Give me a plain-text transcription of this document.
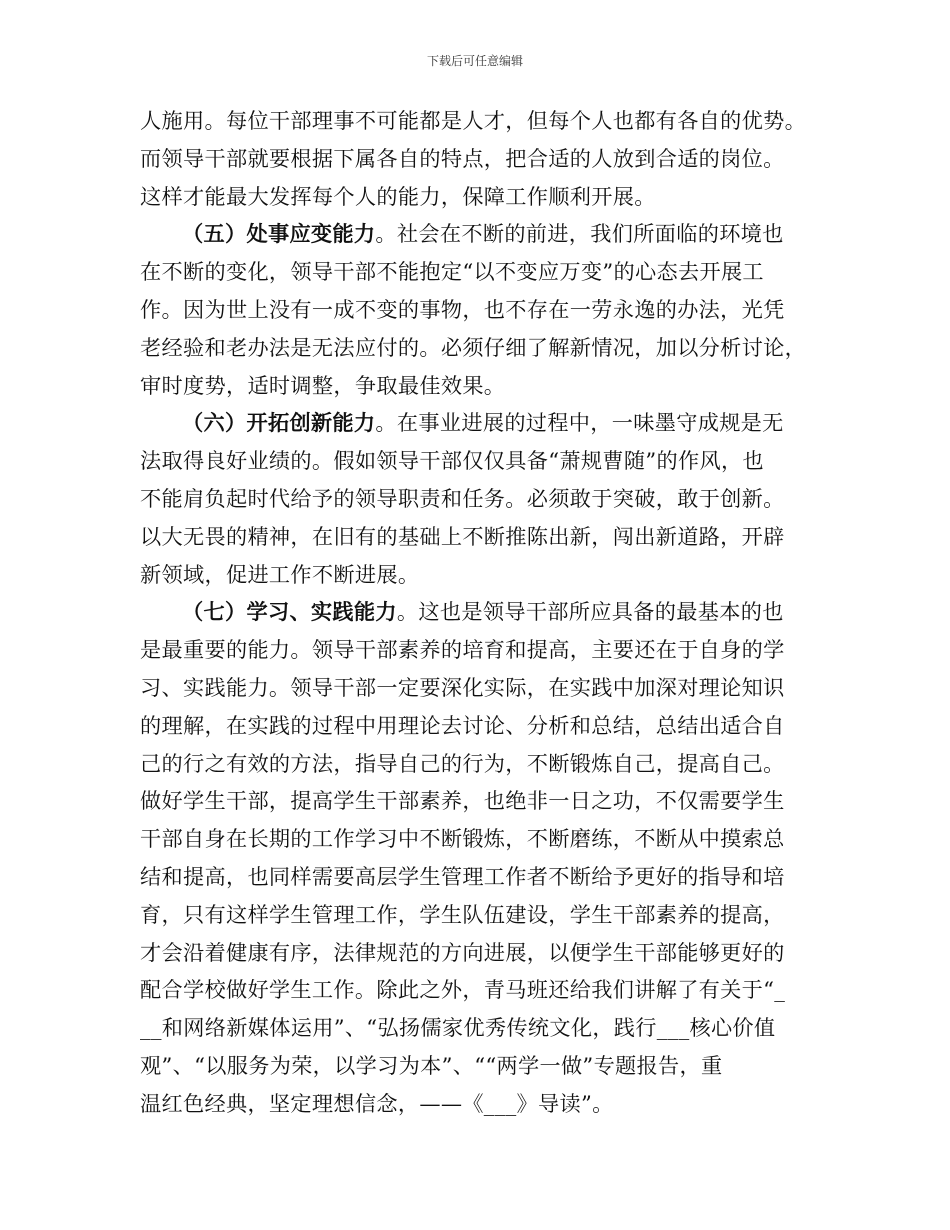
下载后可任意编辑
人施用。每位干部理事不可能都是人才，但每个人也都有各自的优势。
而领导干部就要根据下属各自的特点，把合适的人放到合适的岗位。
这样才能最大发挥每个人的能力，保障工作顺利开展。
（五）处事应变能力。社会在不断的前进，我们所面临的环境也
在不断的变化，领导干部不能抱定“以不变应万变”的心态去开展工
作。因为世上没有一成不变的事物，也不存在一劳永逸的办法，光凭
老经验和老办法是无法应付的。必须仔细了解新情况，加以分析讨论，
审时度势，适时调整，争取最佳效果。
（六）开拓创新能力。在事业进展的过程中，一味墨守成规是无
法取得良好业绩的。假如领导干部仅仅具备“萧规曹随”的作风，也
不能肩负起时代给予的领导职责和任务。必须敢于突破，敢于创新。
以大无畏的精神，在旧有的基础上不断推陈出新，闯出新道路，开辟
新领域，促进工作不断进展。
（七）学习、实践能力。这也是领导干部所应具备的最基本的也
是最重要的能力。领导干部素养的培育和提高，主要还在于自身的学
习、实践能力。领导干部一定要深化实际，在实践中加深对理论知识
的理解，在实践的过程中用理论去讨论、分析和总结，总结出适合自
己的行之有效的方法，指导自己的行为，不断锻炼自己，提高自己。
做好学生干部，提高学生干部素养，也绝非一日之功，不仅需要学生
干部自身在长期的工作学习中不断锻炼，不断磨练，不断从中摸索总
结和提高，也同样需要高层学生管理工作者不断给予更好的指导和培
育，只有这样学生管理工作，学生队伍建设，学生干部素养的提高，
才会沿着健康有序，法律规范的方向进展，以便学生干部能够更好的
配合学校做好学生工作。除此之外，青马班还给我们讲解了有关于“_
__和网络新媒体运用”、“弘扬儒家优秀传统文化，践行___核心价值
观”、“以服务为荣，以学习为本”、““两学一做”专题报告，重
温红色经典，坚定理想信念，——《___》导读”。
